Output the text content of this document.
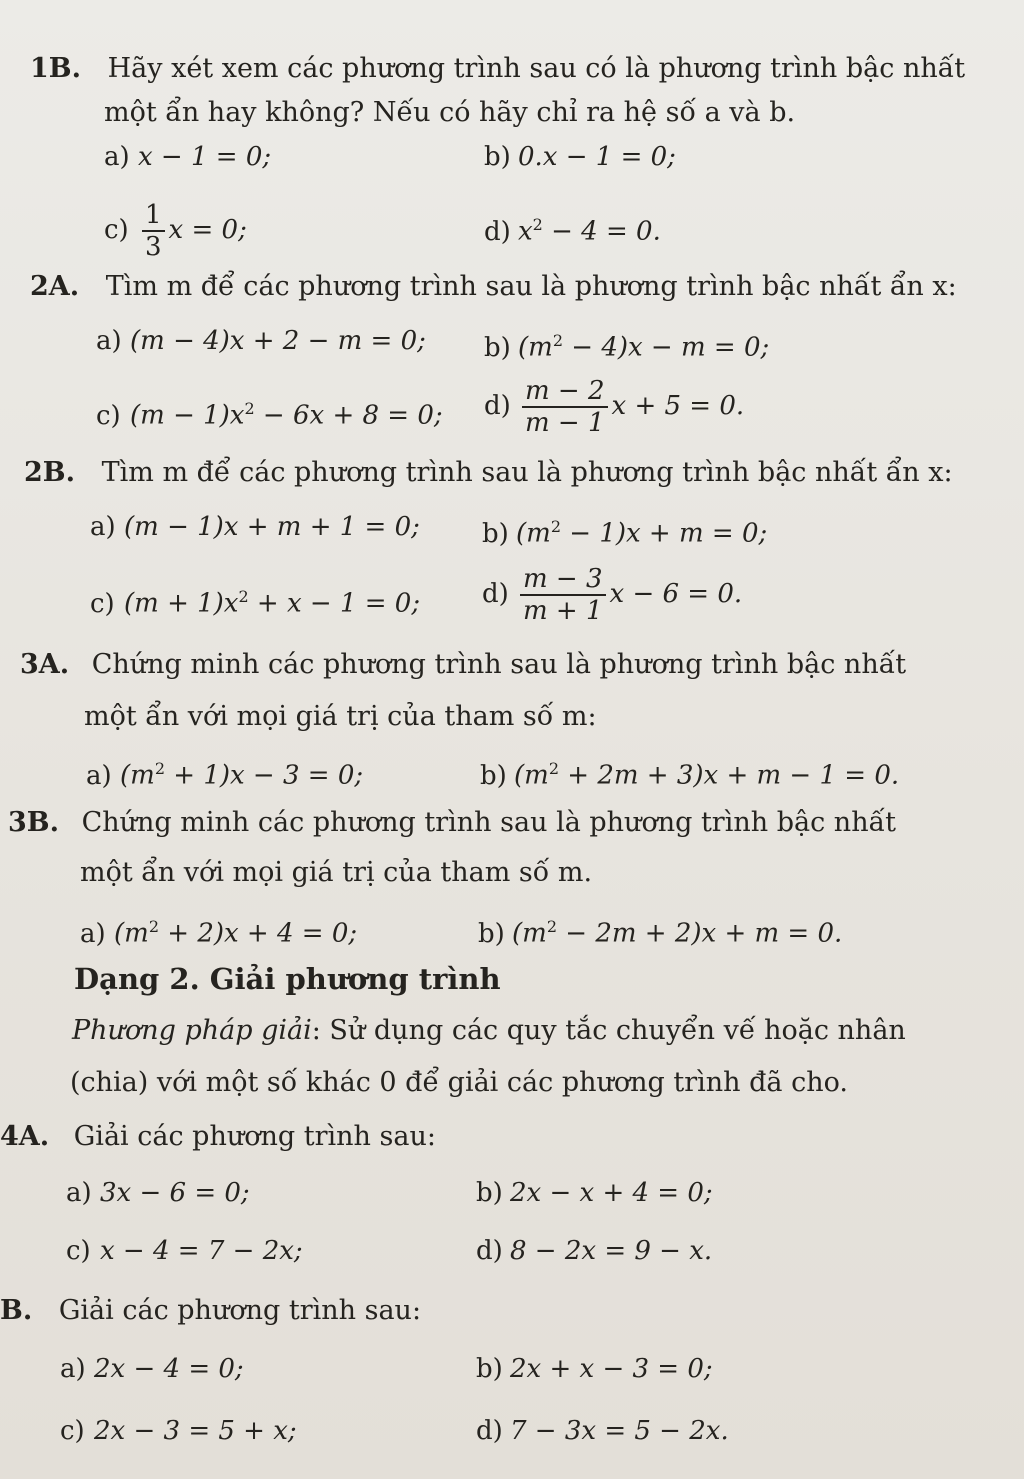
1B. Hãy xét xem các phương trình sau có là phương trình bậc nhất
một ẩn hay không? Nếu có hãy chỉ ra hệ số a và b.
a) x − 1 = 0;	b) 0.x − 1 = 0;
$c) \frac{1}{3}$ x = 0;	d) $x^2 - 4 = 0$.
2A. Tìm m để các phương trình sau là phương trình bậc nhất ẩn x:
a) (m − 4)x + 2 − m = 0; b) $(m^2 - 4)x - m = 0$;
c) $(m - 1)x^2 - 6x + 8 = 0$; $d) \frac{m - 2}{m - 1}$ x + 5 = 0.
2B. Tìm m để các phương trình sau là phương trình bậc nhất ẩn x:
a) (m − 1)x + m + 1 = 0; b) $(m^2 - 1)x + m = 0$;
c) $(m + 1)x^2 + x - 1 = 0$; $d) \frac{m - 3}{m + 1}$ x − 6 = 0.
3A. Chứng minh các phương trình sau là phương trình bậc nhất
một ẩn với mọi giá trị của tham số m:
a) $(m^2 + 1)x - 3 = 0$;	b) $(m^2 + 2m + 3)x + m - 1 = 0$.
3B. Chứng minh các phương trình sau là phương trình bậc nhất
một ẩn với mọi giá trị của tham số m.
a) $(m^2 + 2)x + 4 = 0$;	b) $(m^2 - 2m + 2)x + m = 0$.
Dạng 2. Giải phương trình
Phương pháp giải: Sử dụng các quy tắc chuyển vế hoặc nhân
(chia) với một số khác 0 để giải các phương trình đã cho.
4A. Giải các phương trình sau:
a) 3x − 6 = 0;	b) 2x − x + 4 = 0;
c) x − 4 = 7 − 2x;	d) 8 − 2x = 9 − x.
B. Giải các phương trình sau:
a) 2x − 4 = 0;	b) 2x + x − 3 = 0;
c) 2x − 3 = 5 + x;	d) 7 − 3x = 5 − 2x.
